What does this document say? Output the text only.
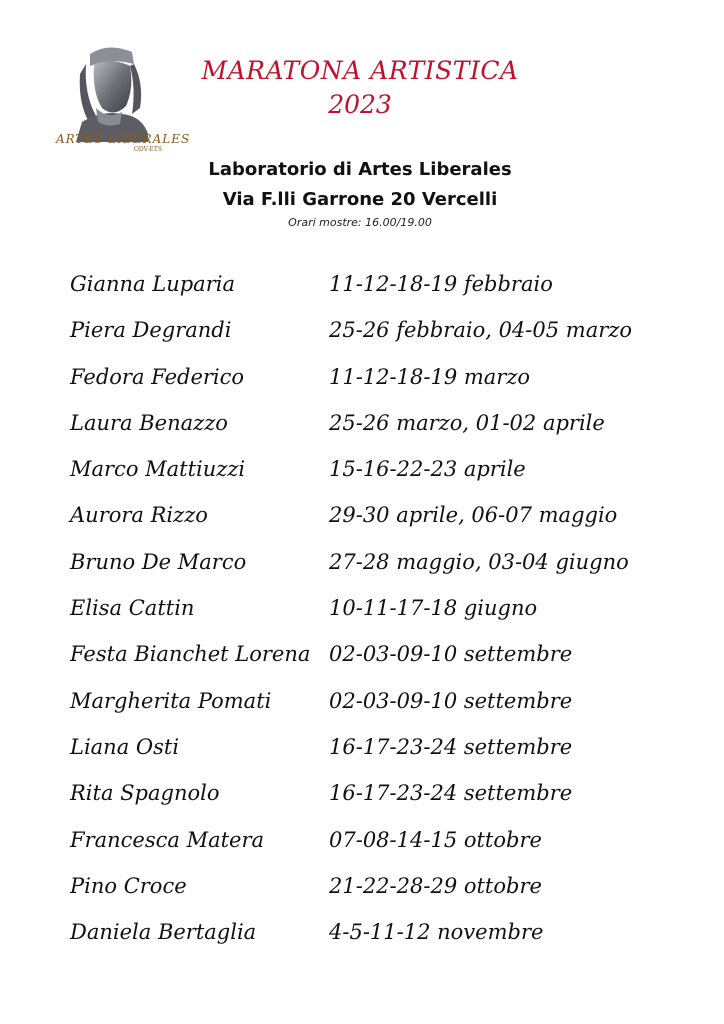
ARTES LIBERALES
ODV-ETS
MARATONA ARTISTICA
2023
Laboratorio di Artes Liberales
Via F.lli Garrone 20 Vercelli
Orari mostre: 16.00/19.00
Gianna Luparia	11-12-18-19 febbraio
Piera Degrandi	25-26 febbraio, 04-05 marzo
Fedora Federico	11-12-18-19 marzo
Laura Benazzo	25-26 marzo, 01-02 aprile
Marco Mattiuzzi	15-16-22-23 aprile
Aurora Rizzo	29-30 aprile, 06-07 maggio
Bruno De Marco	27-28 maggio, 03-04 giugno
Elisa Cattin	10-11-17-18 giugno
Festa Bianchet Lorena 02-03-09-10 settembre
Margherita Pomati	02-03-09-10 settembre
Liana Osti	16-17-23-24 settembre
Rita Spagnolo	16-17-23-24 settembre
Francesca Matera	07-08-14-15 ottobre
Pino Croce	21-22-28-29 ottobre
Daniela Bertaglia	4-5-11-12 novembre
